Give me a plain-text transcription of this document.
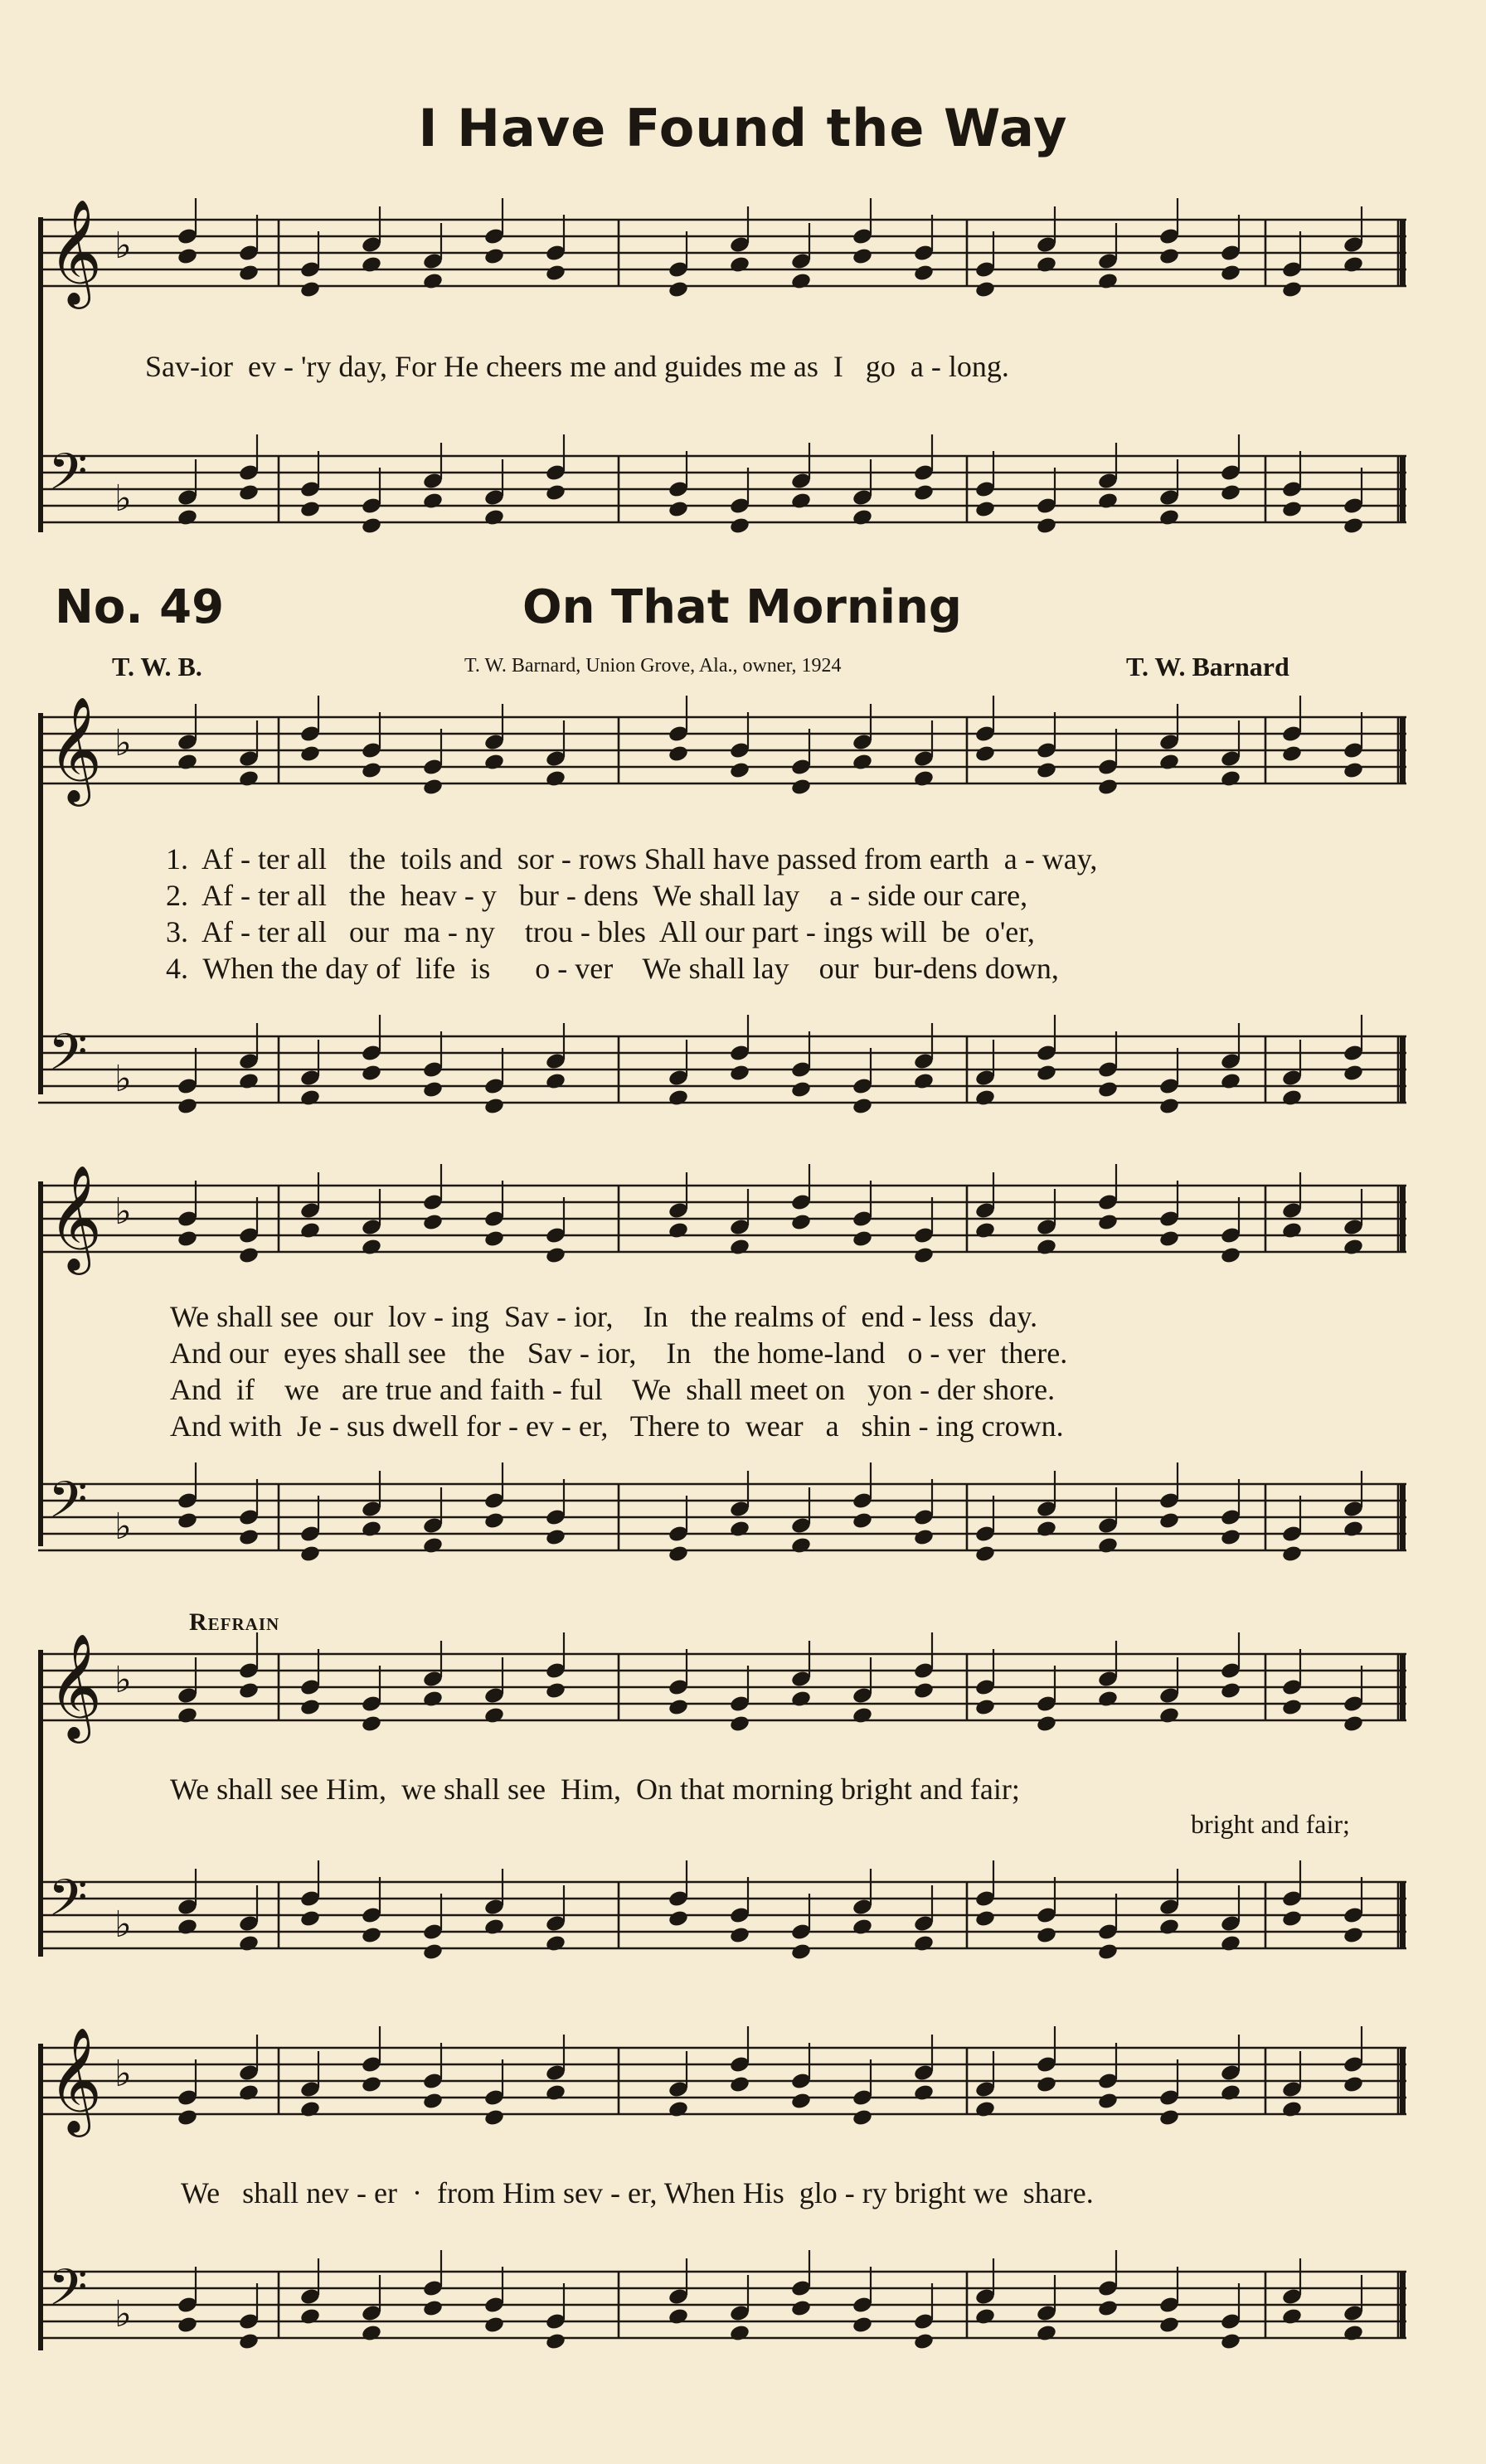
I Have Found the Way
𝄞 ♭
Sav-ior  ev - 'ry day, For He cheers me and guides me as  I   go  a - long.
𝄢 ♭
No. 49	On That Morning
T. W. B.	T. W. Barnard, Union Grove, Ala., owner, 1924	T. W. Barnard
𝄞 ♭
1.  Af - ter all   the  toils and  sor - rows Shall have passed from earth  a - way,
2.  Af - ter all   the  heav - y   bur - dens  We shall lay    a - side our care,
3.  Af - ter all   our  ma - ny    trou - bles  All our part - ings will  be  o'er,
4.  When the day of  life  is      o - ver    We shall lay    our  bur-dens down,
𝄢 ♭
𝄞 ♭
We shall see  our  lov - ing  Sav - ior,    In   the realms of  end - less  day.
And our  eyes shall see   the   Sav - ior,    In   the home-land   o - ver  there.
And  if    we   are true and faith - ful    We  shall meet on   yon - der shore.
And with  Je - sus dwell for - ev - er,   There to  wear   a   shin - ing crown.
𝄢 ♭
Refrain
𝄞 ♭
We shall see Him,  we shall see  Him,  On that morning bright and fair;
bright and fair;
𝄢 ♭
𝄞 ♭
We   shall nev - er  ·  from Him sev - er, When His  glo - ry bright we  share.
𝄢 ♭
